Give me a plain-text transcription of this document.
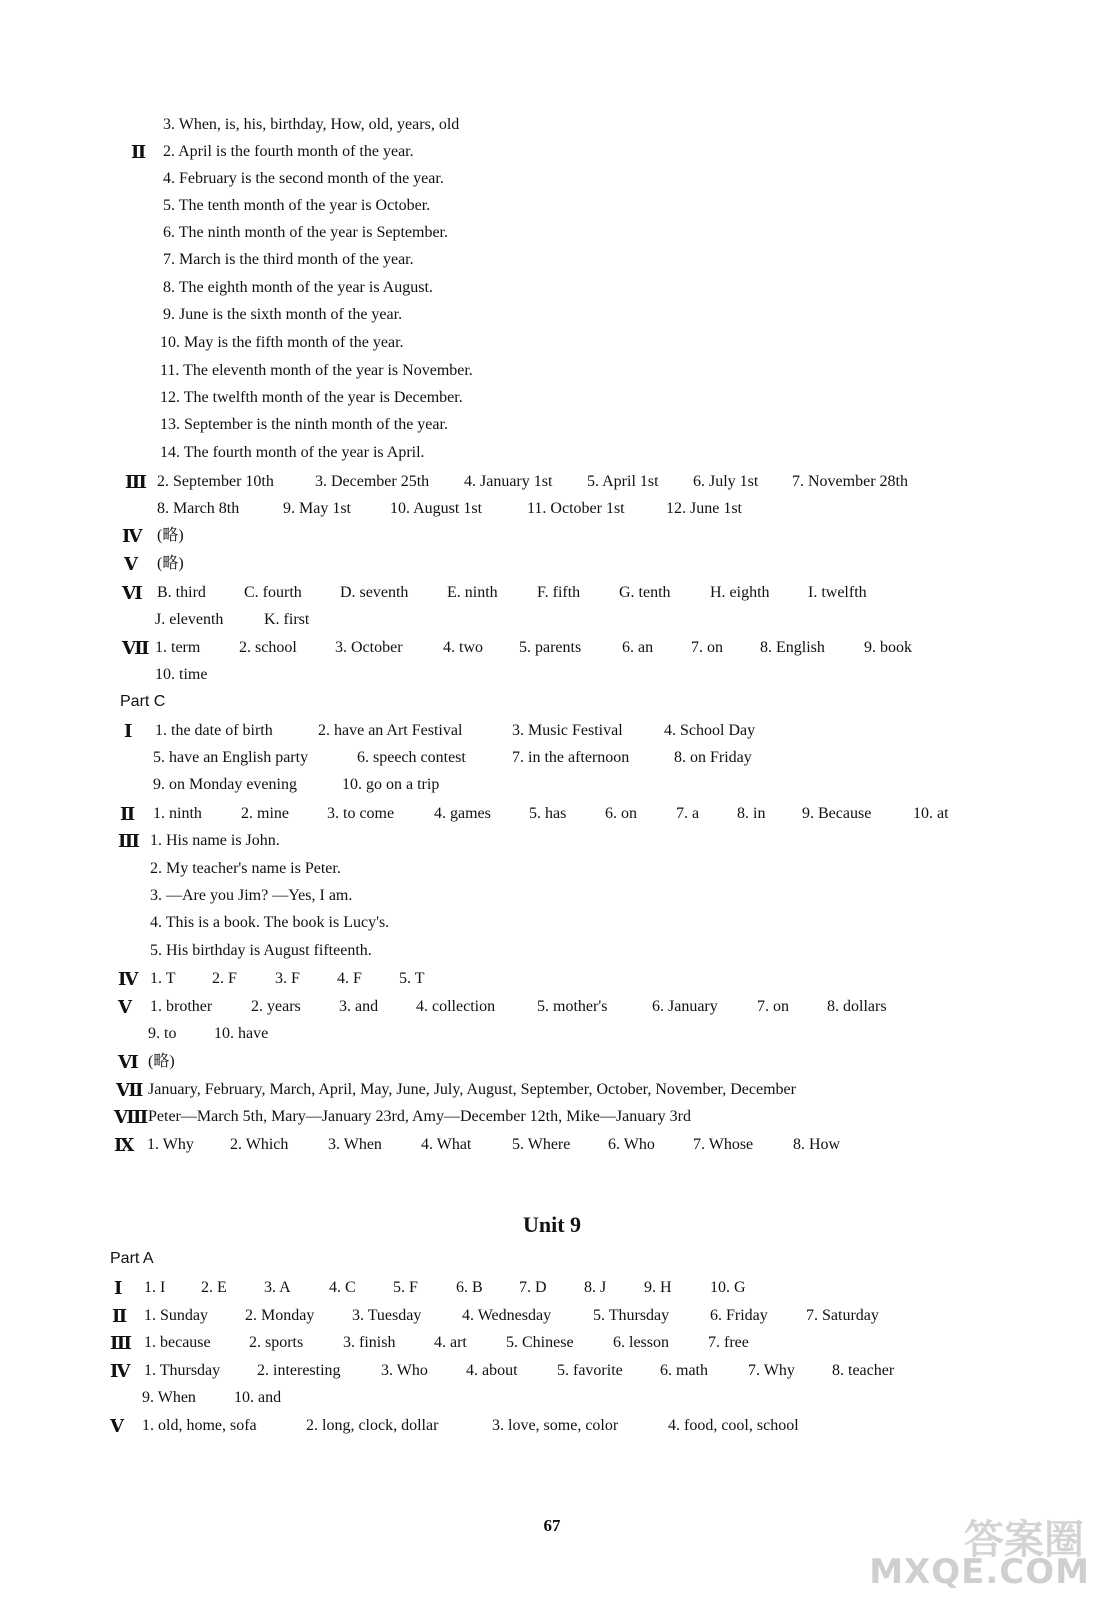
3. When, is, his, birthday, How, old, years, old
Ⅱ 2. April is the fourth month of the year.
4. February is the second month of the year.
5. The tenth month of the year is October.
6. The ninth month of the year is September.
7. March is the third month of the year.
8. The eighth month of the year is August.
9. June is the sixth month of the year.
10. May is the fifth month of the year.
11. The eleventh month of the year is November.
12. The twelfth month of the year is December.
13. September is the ninth month of the year.
14. The fourth month of the year is April.
Ⅲ 2. September 10th	3. December 25th 4. January 1st 5. April 1st 6. July 1st 7. November 28th
8. March 8th	9. May 1st 10. August 1st	11. October 1st	12. June 1st
Ⅳ (略)
Ⅴ (略)
Ⅵ B. third C. fourth D. seventh E. ninth F. fifth G. tenth H. eighth I. twelfth
J. eleventh	K. first
Ⅶ 1. term 2. school 3. October	4. two 5. parents	6. an 7. on 8. English 9. book
10. time
Part C
Ⅰ 1. the date of birth	2. have an Art Festival	3. Music Festival	4. School Day
5. have an English party	6. speech contest	7. in the afternoon	8. on Friday
9. on Monday evening	10. go on a trip
Ⅱ 1. ninth 2. mine 3. to come 4. games 5. has 6. on 7. a 8. in 9. Because	10. at
Ⅲ 1. His name is John.
2. My teacher's name is Peter.
3. —Are you Jim? —Yes, I am.
4. This is a book. The book is Lucy's.
5. His birthday is August fifteenth.
Ⅳ 1. T 2. F 3. F 4. F 5. T
Ⅴ 1. brother 2. years 3. and 4. collection	5. mother's	6. January 7. on 8. dollars
9. to 10. have
Ⅵ (略)
Ⅶ January, February, March, April, May, June, July, August, September, October, November, December
Ⅷ Peter—March 5th, Mary—January 23rd, Amy—December 12th, Mike—January 3rd
Ⅸ 1. Why 2. Which 3. When 4. What	5. Where 6. Who 7. Whose 8. How
Unit 9
Part A
Ⅰ 1. I 2. E 3. A 4. C 5. F 6. B 7. D 8. J 9. H 10. G
Ⅱ 1. Sunday 2. Monday 3. Tuesday	4. Wednesday	5. Thursday	6. Friday 7. Saturday
Ⅲ 1. because 2. sports 3. finish 4. art 5. Chinese 6. lesson 7. free
Ⅳ 1. Thursday 2. interesting	3. Who 4. about 5. favorite 6. math	7. Why 8. teacher
9. When 10. and
Ⅴ 1. old, home, sofa	2. long, clock, dollar	3. love, some, color	4. food, cool, school
67	答案圈
MXQE.COM
